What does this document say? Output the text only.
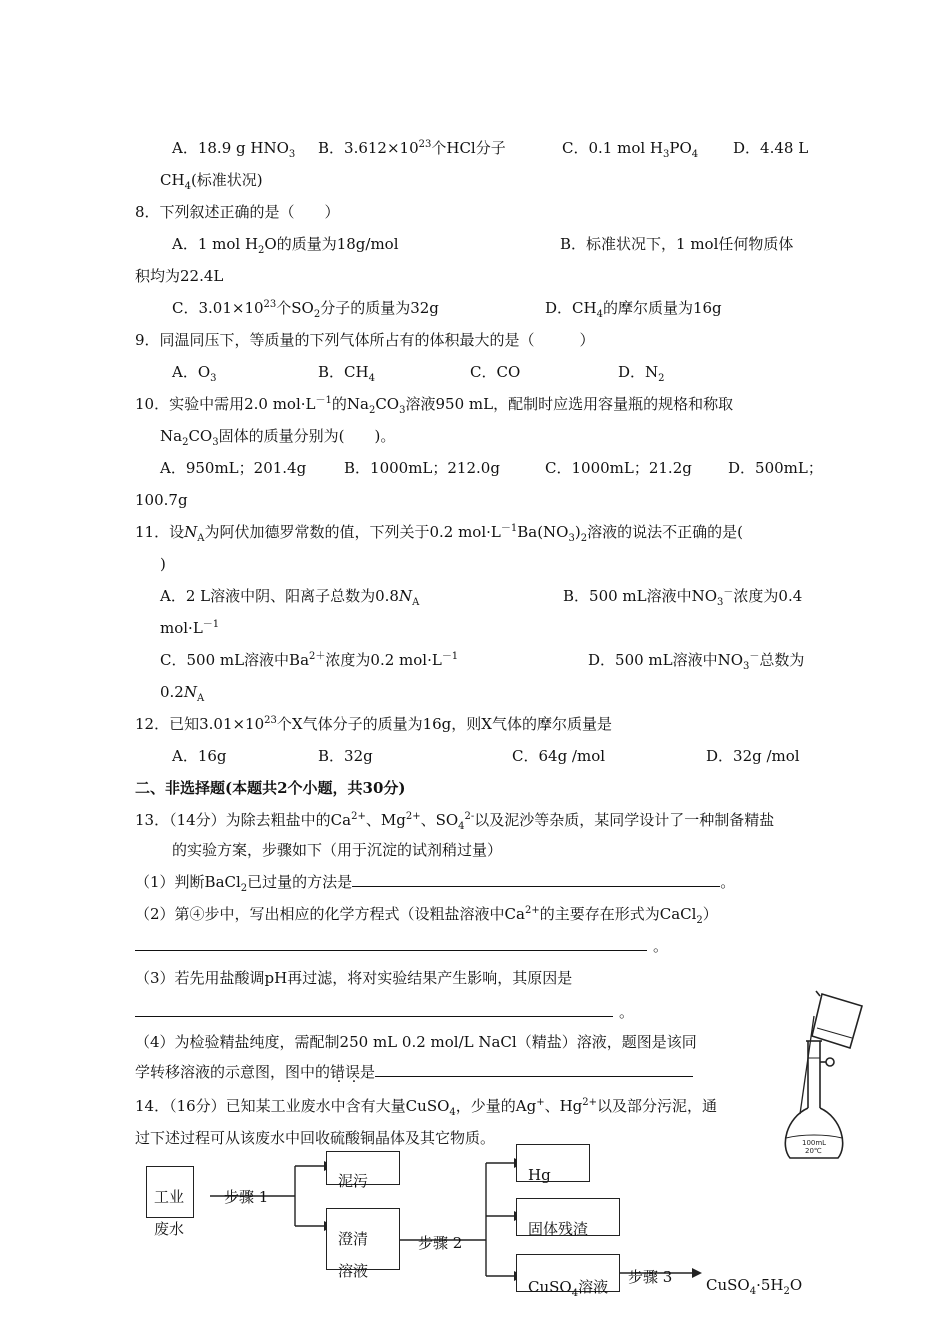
A．18.9 g $HNO_3$ B．$3.612\times 10^{23}$个HCl分子	C．0.1 mol $H_3PO_4$ D．4.48 L
$CH_4$(标准状况)
8．下列叙述正确的是（　　）
A．1 mol $H_2O$的质量为18g/mol	B．标准状况下，1 mol任何物质体
积均为22.4L
C．$3.01\times 10^{23}$个$SO_2$分子的质量为32g	D．$CH_4$的摩尔质量为16g
9．同温同压下，等质量的下列气体所占有的体积最大的是（　　　）
A．$O_3$	B．$CH_4$	C．CO	D．$N_2$
10．实验中需用2.0 $mol\cdot L^{-1}$的$Na_2CO_3$溶液950 mL，配制时应选用容量瓶的规格和称取
$Na_2CO_3$固体的质量分别为(　　)。
A．950mL；201.4g	B．1000mL；212.0g	C．1000mL；21.2g D．500mL；
100.7g
11．设$N_A$为阿伏加德罗常数的值，下列关于0.2 $mol\cdot L^{-1}Ba(NO_3)_2$溶液的说法不正确的是(
)
A．2 L溶液中阴、阳离子总数为$0.8N_A$	B．500 mL溶液中$NO_3^-$浓度为0.4
$mol\cdot L^{-1}$
C．500 mL溶液中$Ba^{2+}$浓度为0.2 $mol\cdot L^{-1}$	D．500 mL溶液中$NO_3^-$总数为
$0.2N_A$
12．已知$3.01\times 10^{23}$个X气体分子的质量为16g，则X气体的摩尔质量是
A．16g	B．32g	C．64g /mol	D．32g /mol
二、非选择题(本题共2个小题，共30分)
13．（14分）为除去粗盐中的$Ca^{2+}$、$Mg^{2+}$、$SO_4^{2-}$以及泥沙等杂质，某同学设计了一种制备精盐
的实验方案，步骤如下（用于沉淀的试剂稍过量）
（1）判断BaCl$_2$已过量的方法是	。
（2）第④步中，写出相应的化学方程式（设粗盐溶液中$Ca^{2+}$的主要存在形式为CaCl$_2$）
。
（3）若先用盐酸调pH再过滤，将对实验结果产生影响，其原因是
。
（4）为检验精盐纯度，需配制250 mL 0.2 mol/L NaCl（精盐）溶液，题图是该同
学转移溶液的示意图，图中的错误是
100mL
20℃
14．（16分）已知某工业废水中含有大量CuSO$_4$，少量的Ag+、$Hg^{2+}$以及部分污泥，通
过下述过程可从该废水中回收硫酸铜晶体及其它物质。
工业
废水
步骤 1
泥污
澄清
溶液
步骤 2
Hg
固体残渣
CuSO$_4$溶液
步骤 3 $CuSO_4\cdot 5H_2O$
